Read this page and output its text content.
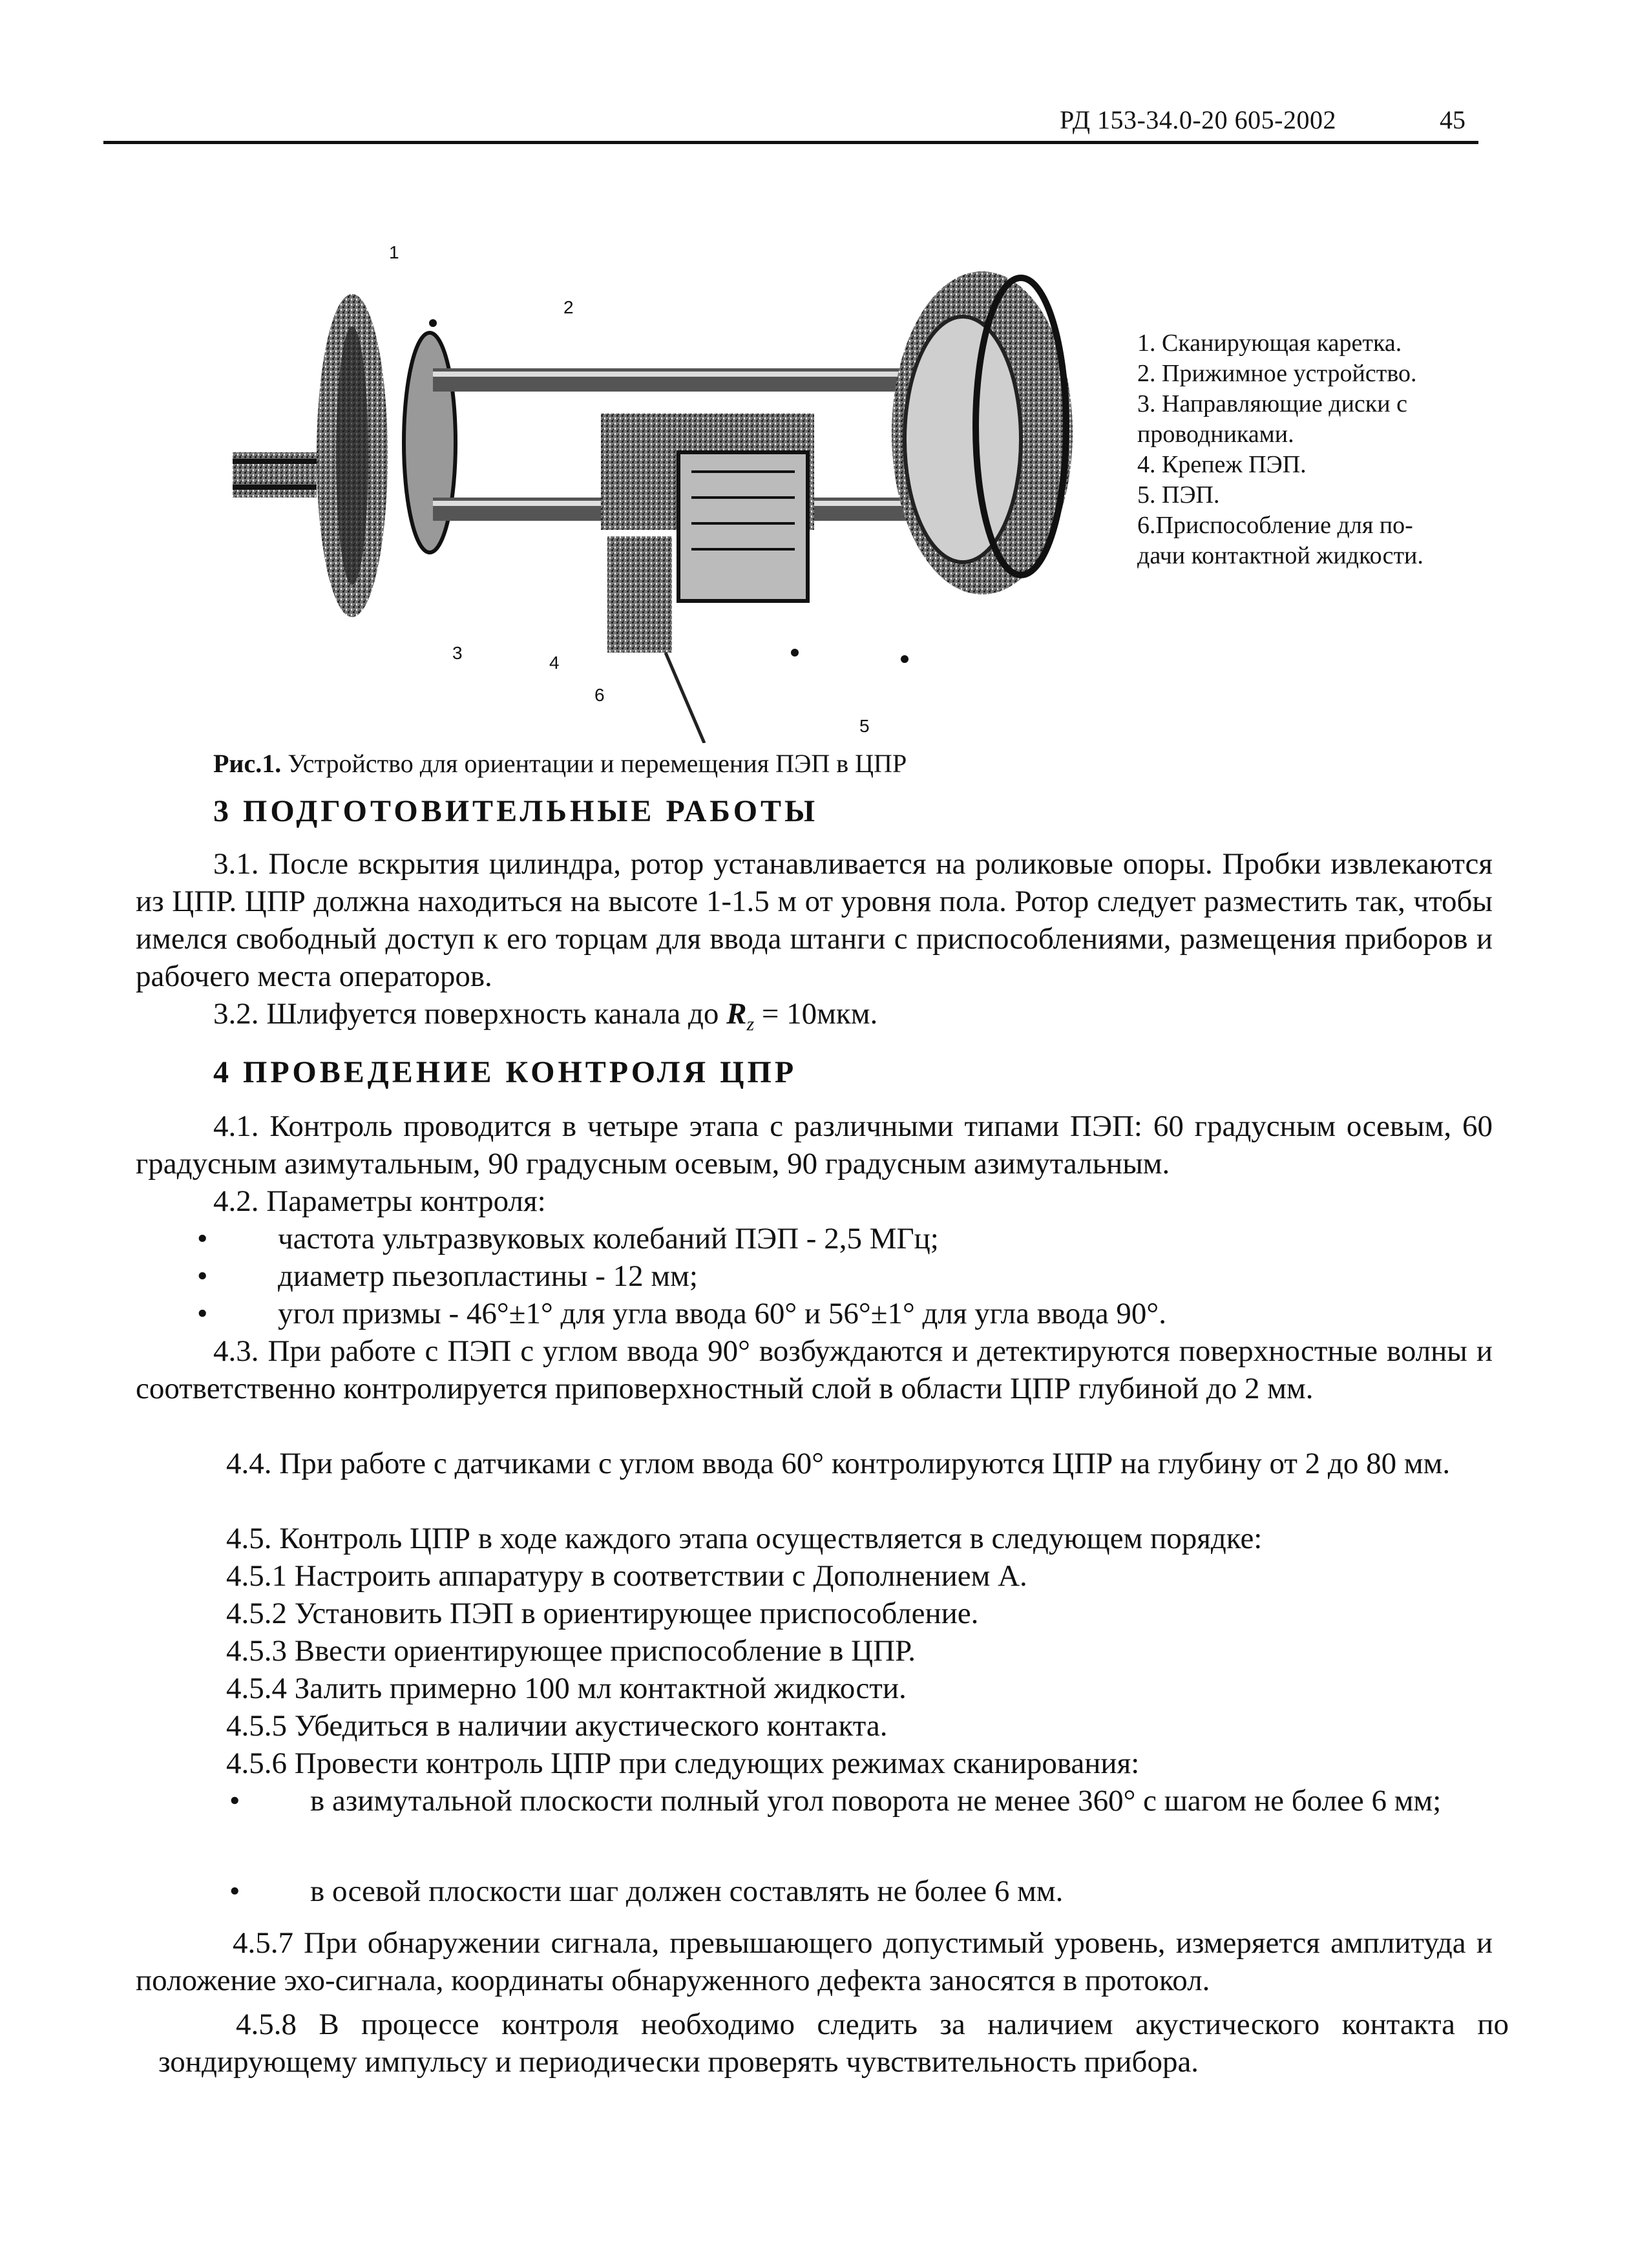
РД 153-34.0-20 605-2002	45
1
2
3	4
6
5
1. Сканирующая каретка.
2. Прижимное устройство.
3. Направляющие диски с
проводниками.
4. Крепеж ПЭП.
5. ПЭП.
6.Приспособление для по-
дачи контактной жидкости.
Рис.1. Устройство для ориентации и перемещения ПЭП в ЦПР
3 ПОДГОТОВИТЕЛЬНЫЕ РАБОТЫ
3.1. После вскрытия цилиндра, ротор устанавливается на роликовые опоры. Пробки извлекаются из ЦПР. ЦПР должна находиться на высоте 1-1.5 м от уровня пола. Ротор следует разместить так, чтобы имелся свободный доступ к его торцам для ввода штанги с приспособлениями, размещения приборов и рабочего места операторов.
3.2. Шлифуется поверхность канала до $R_z = 10мкм$.
4 ПРОВЕДЕНИЕ КОНТРОЛЯ ЦПР
4.1. Контроль проводится в четыре этапа с различными типами ПЭП: 60 градусным осевым, 60 градусным азимутальным, 90 градусным осевым, 90 градусным азимутальным.
4.2. Параметры контроля:
• частота ультразвуковых колебаний ПЭП - 2,5 МГц;
• диаметр пьезопластины - 12 мм;
• угол призмы - 46°±1° для угла ввода 60° и 56°±1° для угла ввода 90°.
4.3. При работе с ПЭП с углом ввода 90° возбуждаются и детектируются поверхностные волны и соответственно контролируется приповерхностный слой в области ЦПР глубиной до 2 мм.
4.4. При работе с датчиками с углом ввода 60° контролируются ЦПР на глубину от 2 до 80 мм.
4.5. Контроль ЦПР в ходе каждого этапа осуществляется в следующем порядке:
4.5.1 Настроить аппаратуру в соответствии с Дополнением А.
4.5.2 Установить ПЭП в ориентирующее приспособление.
4.5.3 Ввести ориентирующее приспособление в ЦПР.
4.5.4 Залить примерно 100 мл контактной жидкости.
4.5.5 Убедиться в наличии акустического контакта.
4.5.6 Провести контроль ЦПР при следующих режимах сканирования:
• в азимутальной плоскости полный угол поворота не менее 360° с шагом не более 6 мм;
• в осевой плоскости шаг должен составлять не более 6 мм.
4.5.7 При обнаружении сигнала, превышающего допустимый уровень, измеряется амплитуда и положение эхо-сигнала, координаты обнаруженного дефекта заносятся в протокол.
4.5.8 В процессе контроля необходимо следить за наличием акустического контакта по зондирующему импульсу и периодически проверять чувствительность прибора.
